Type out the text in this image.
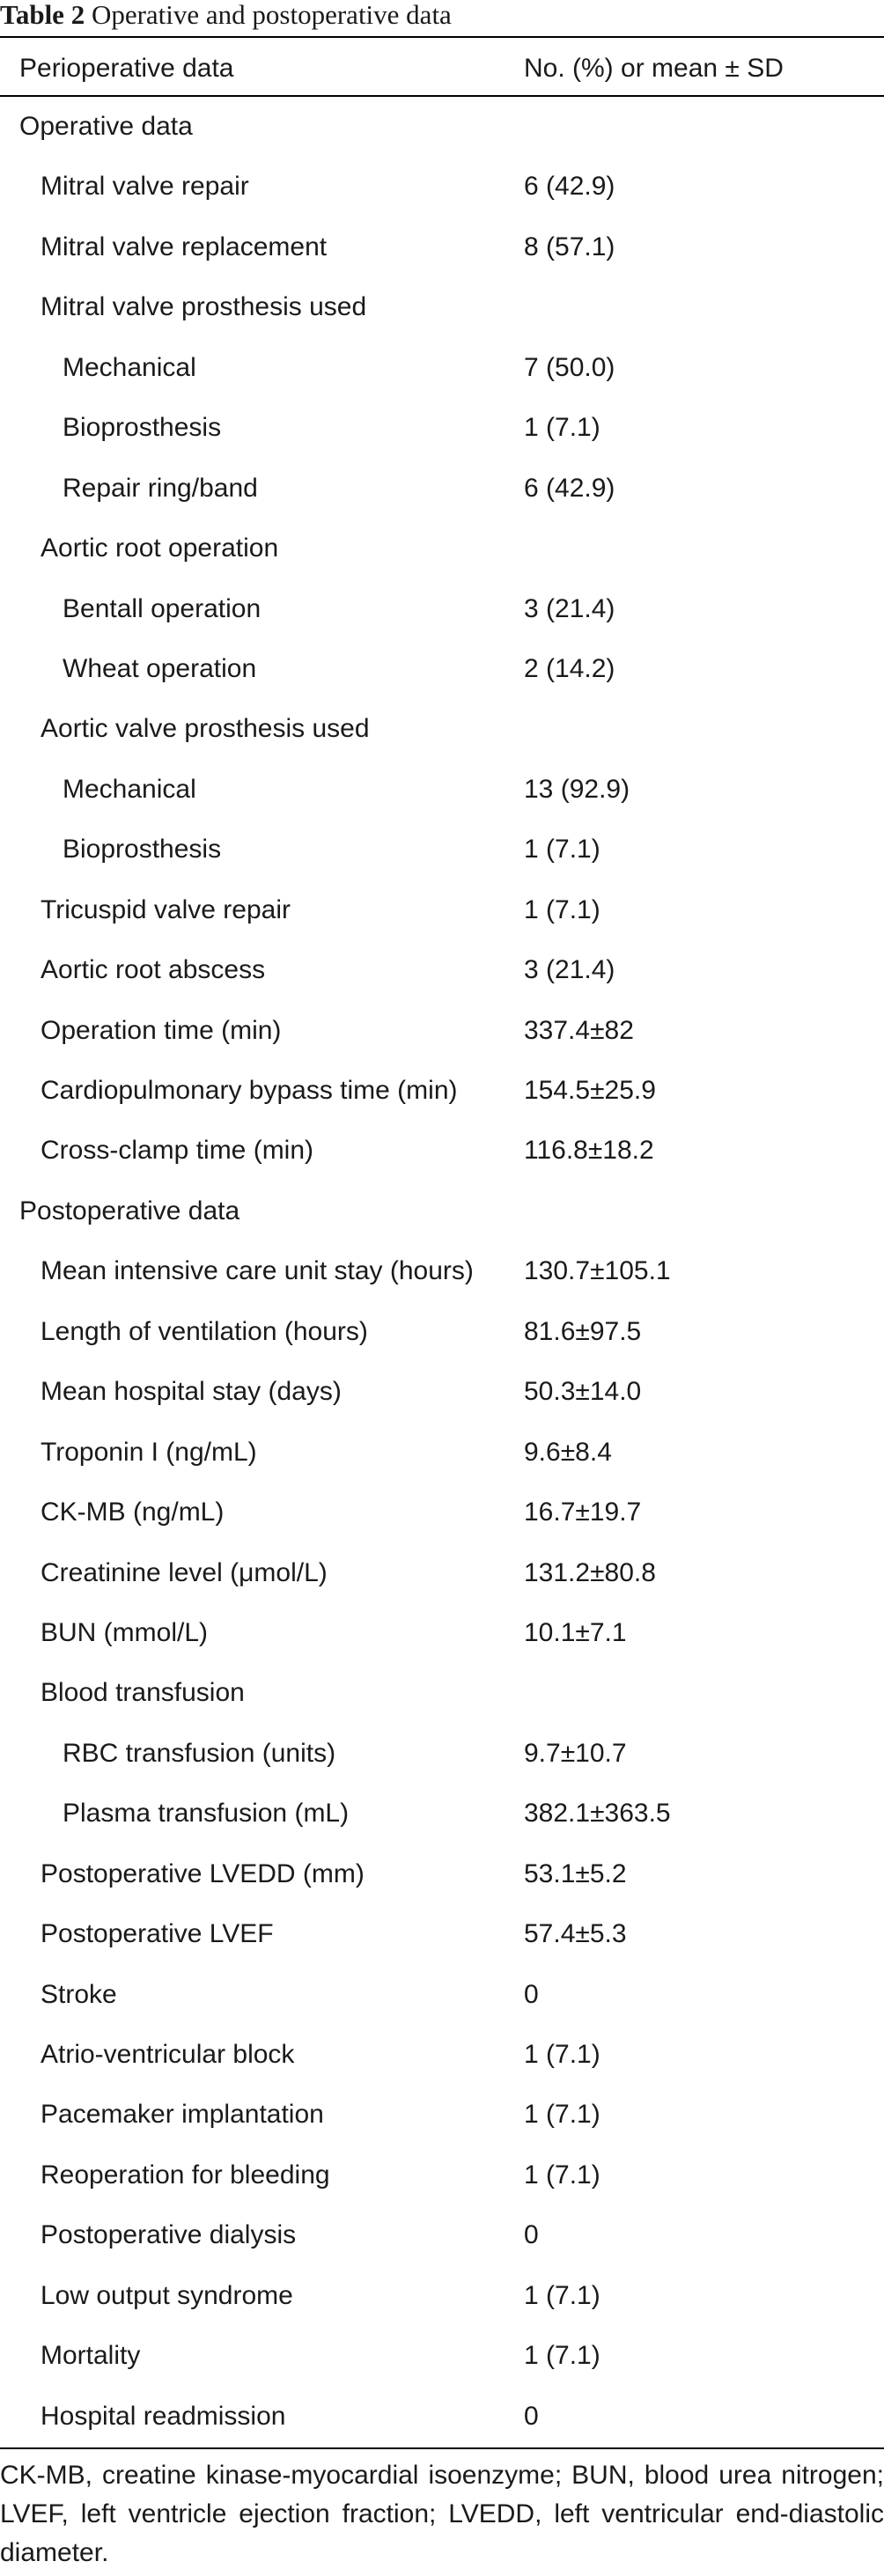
Table 2 Operative and postoperative data
Perioperative data	No. (%) or mean ± SD
Operative data
Mitral valve repair	6 (42.9)
Mitral valve replacement	8 (57.1)
Mitral valve prosthesis used
Mechanical	7 (50.0)
Bioprosthesis	1 (7.1)
Repair ring/band	6 (42.9)
Aortic root operation
Bentall operation	3 (21.4)
Wheat operation	2 (14.2)
Aortic valve prosthesis used
Mechanical	13 (92.9)
Bioprosthesis	1 (7.1)
Tricuspid valve repair	1 (7.1)
Aortic root abscess	3 (21.4)
Operation time (min)	337.4±82
Cardiopulmonary bypass time (min)	154.5±25.9
Cross-clamp time (min)	116.8±18.2
Postoperative data
Mean intensive care unit stay (hours) 130.7±105.1
Length of ventilation (hours)	81.6±97.5
Mean hospital stay (days)	50.3±14.0
Troponin I (ng/mL)	9.6±8.4
CK-MB (ng/mL)	16.7±19.7
Creatinine level (μmol/L)	131.2±80.8
BUN (mmol/L)	10.1±7.1
Blood transfusion
RBC transfusion (units)	9.7±10.7
Plasma transfusion (mL)	382.1±363.5
Postoperative LVEDD (mm)	53.1±5.2
Postoperative LVEF	57.4±5.3
Stroke	0
Atrio-ventricular block	1 (7.1)
Pacemaker implantation	1 (7.1)
Reoperation for bleeding	1 (7.1)
Postoperative dialysis	0
Low output syndrome	1 (7.1)
Mortality	1 (7.1)
Hospital readmission	0
CK-MB, creatine kinase-myocardial isoenzyme; BUN, blood urea nitrogen; LVEF, left ventricle ejection fraction; LVEDD, left ventricular end-diastolic diameter.
